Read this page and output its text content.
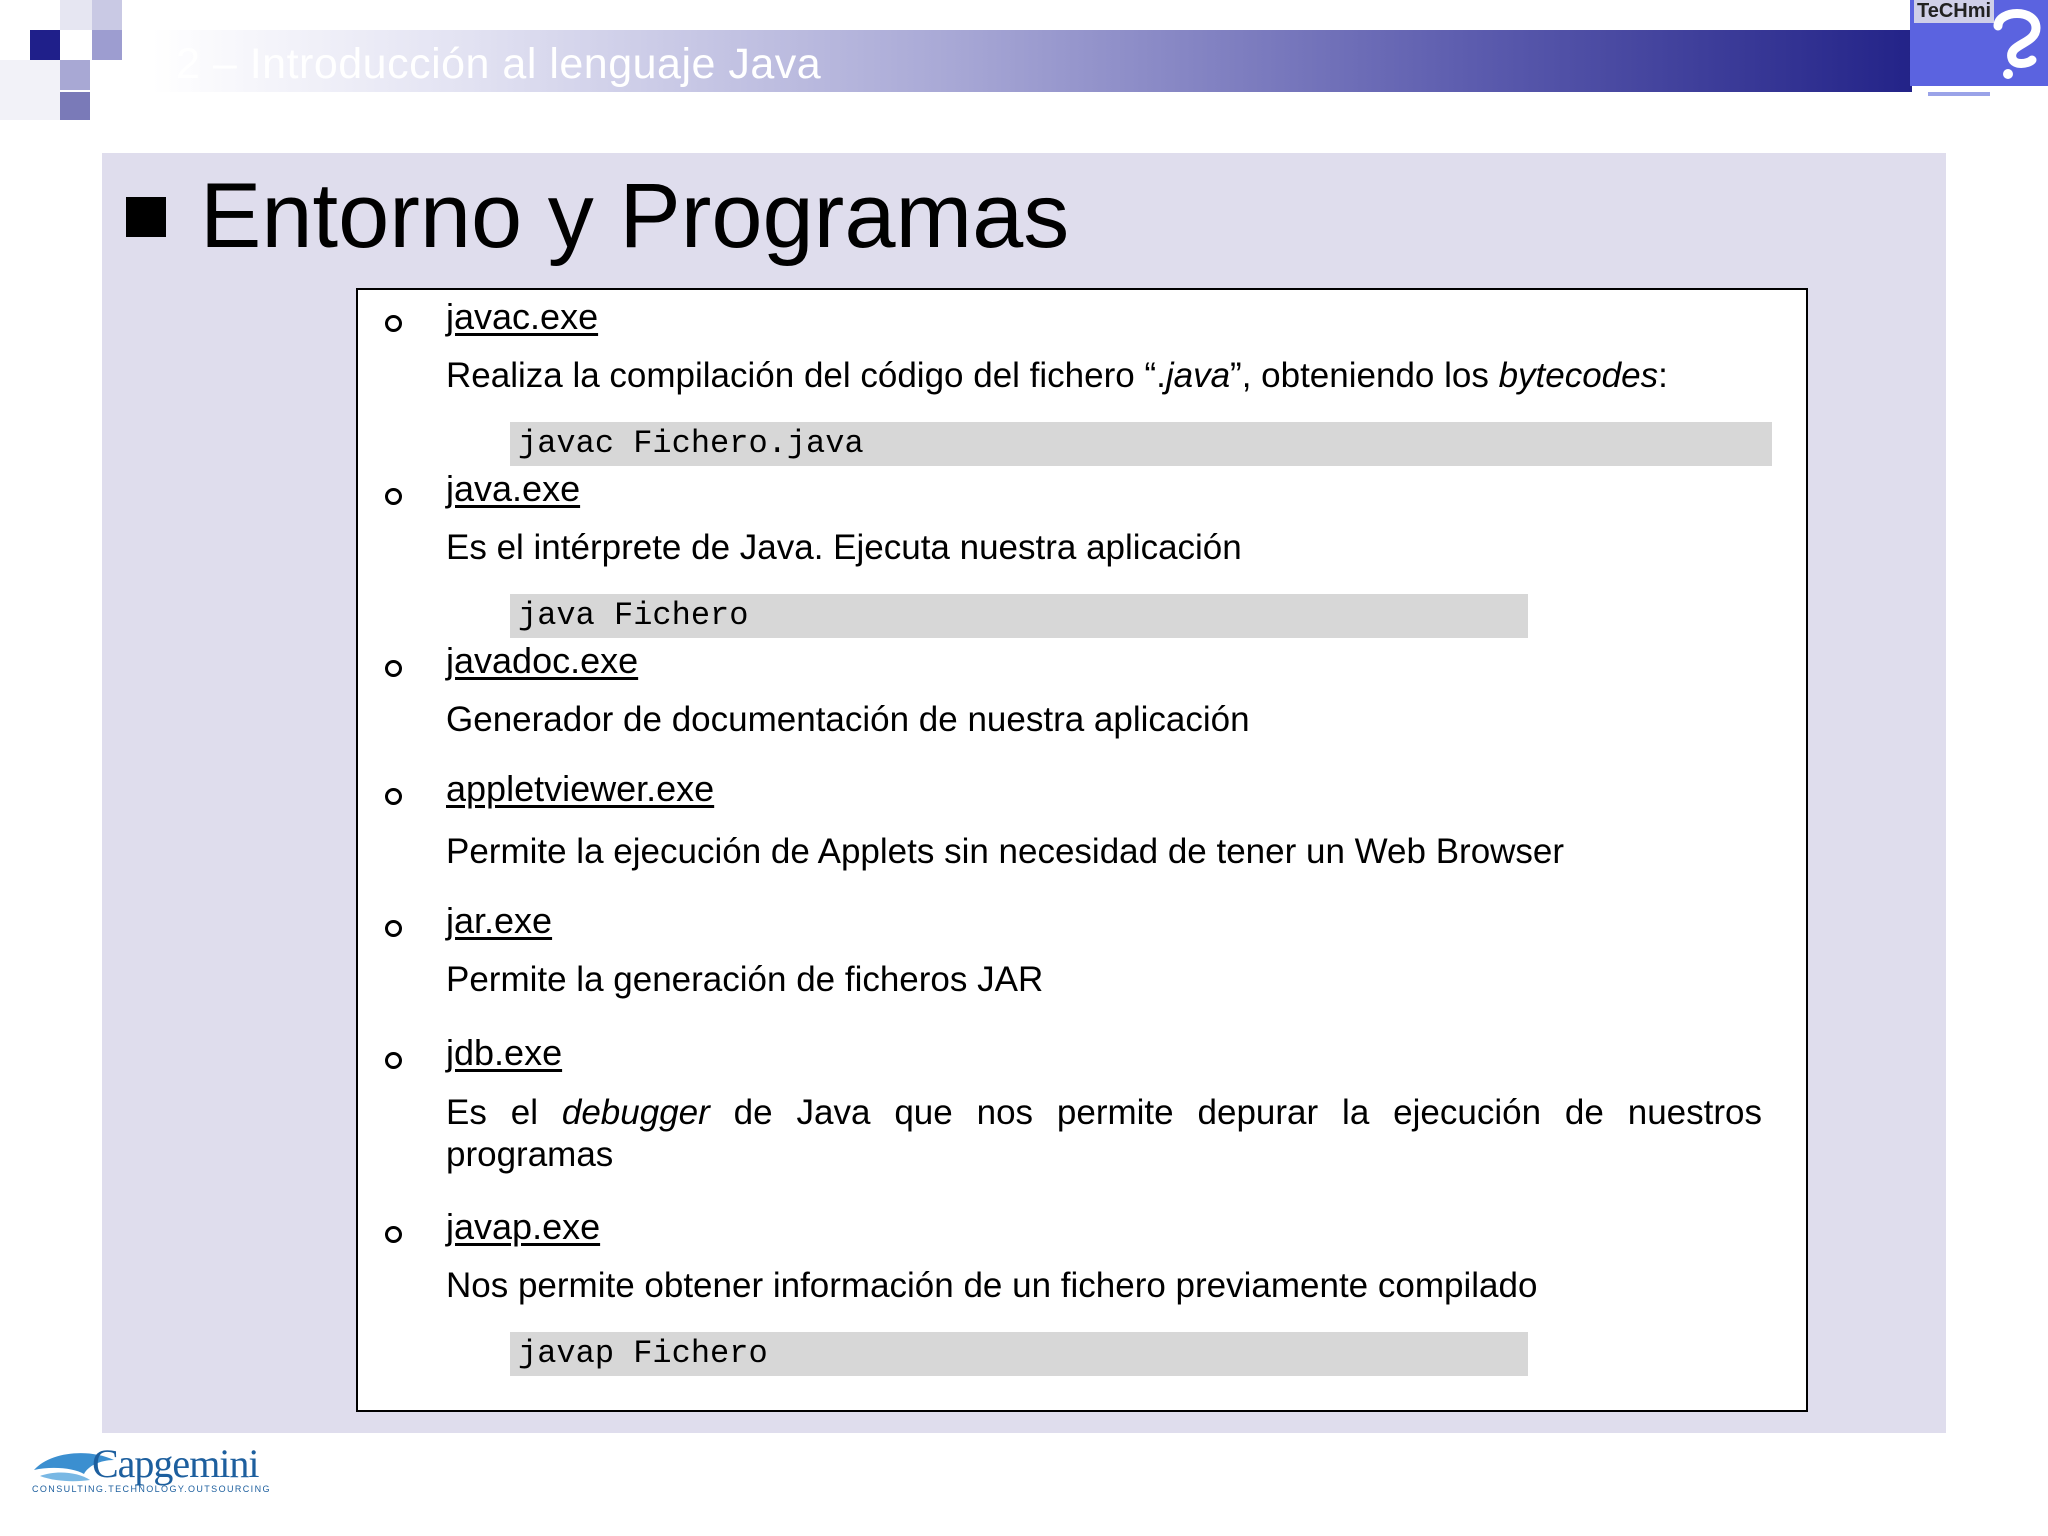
2 – Introducción al lenguaje Java
TeCHmi
Entorno y Programas
javac.exe
Realiza la compilación del código del fichero “.java”, obteniendo los bytecodes:
javac Fichero.java
java.exe
Es el intérprete de Java. Ejecuta nuestra aplicación
java Fichero
javadoc.exe
Generador de documentación de nuestra aplicación
appletviewer.exe
Permite la ejecución de Applets sin necesidad de tener un Web Browser
jar.exe
Permite la generación de ficheros JAR
jdb.exe
Es el debugger de Java que nos permite depurar la ejecución de nuestros programas
javap.exe
Nos permite obtener información de un fichero previamente compilado
javap Fichero
Capgemini
CONSULTING.TECHNOLOGY.OUTSOURCING
